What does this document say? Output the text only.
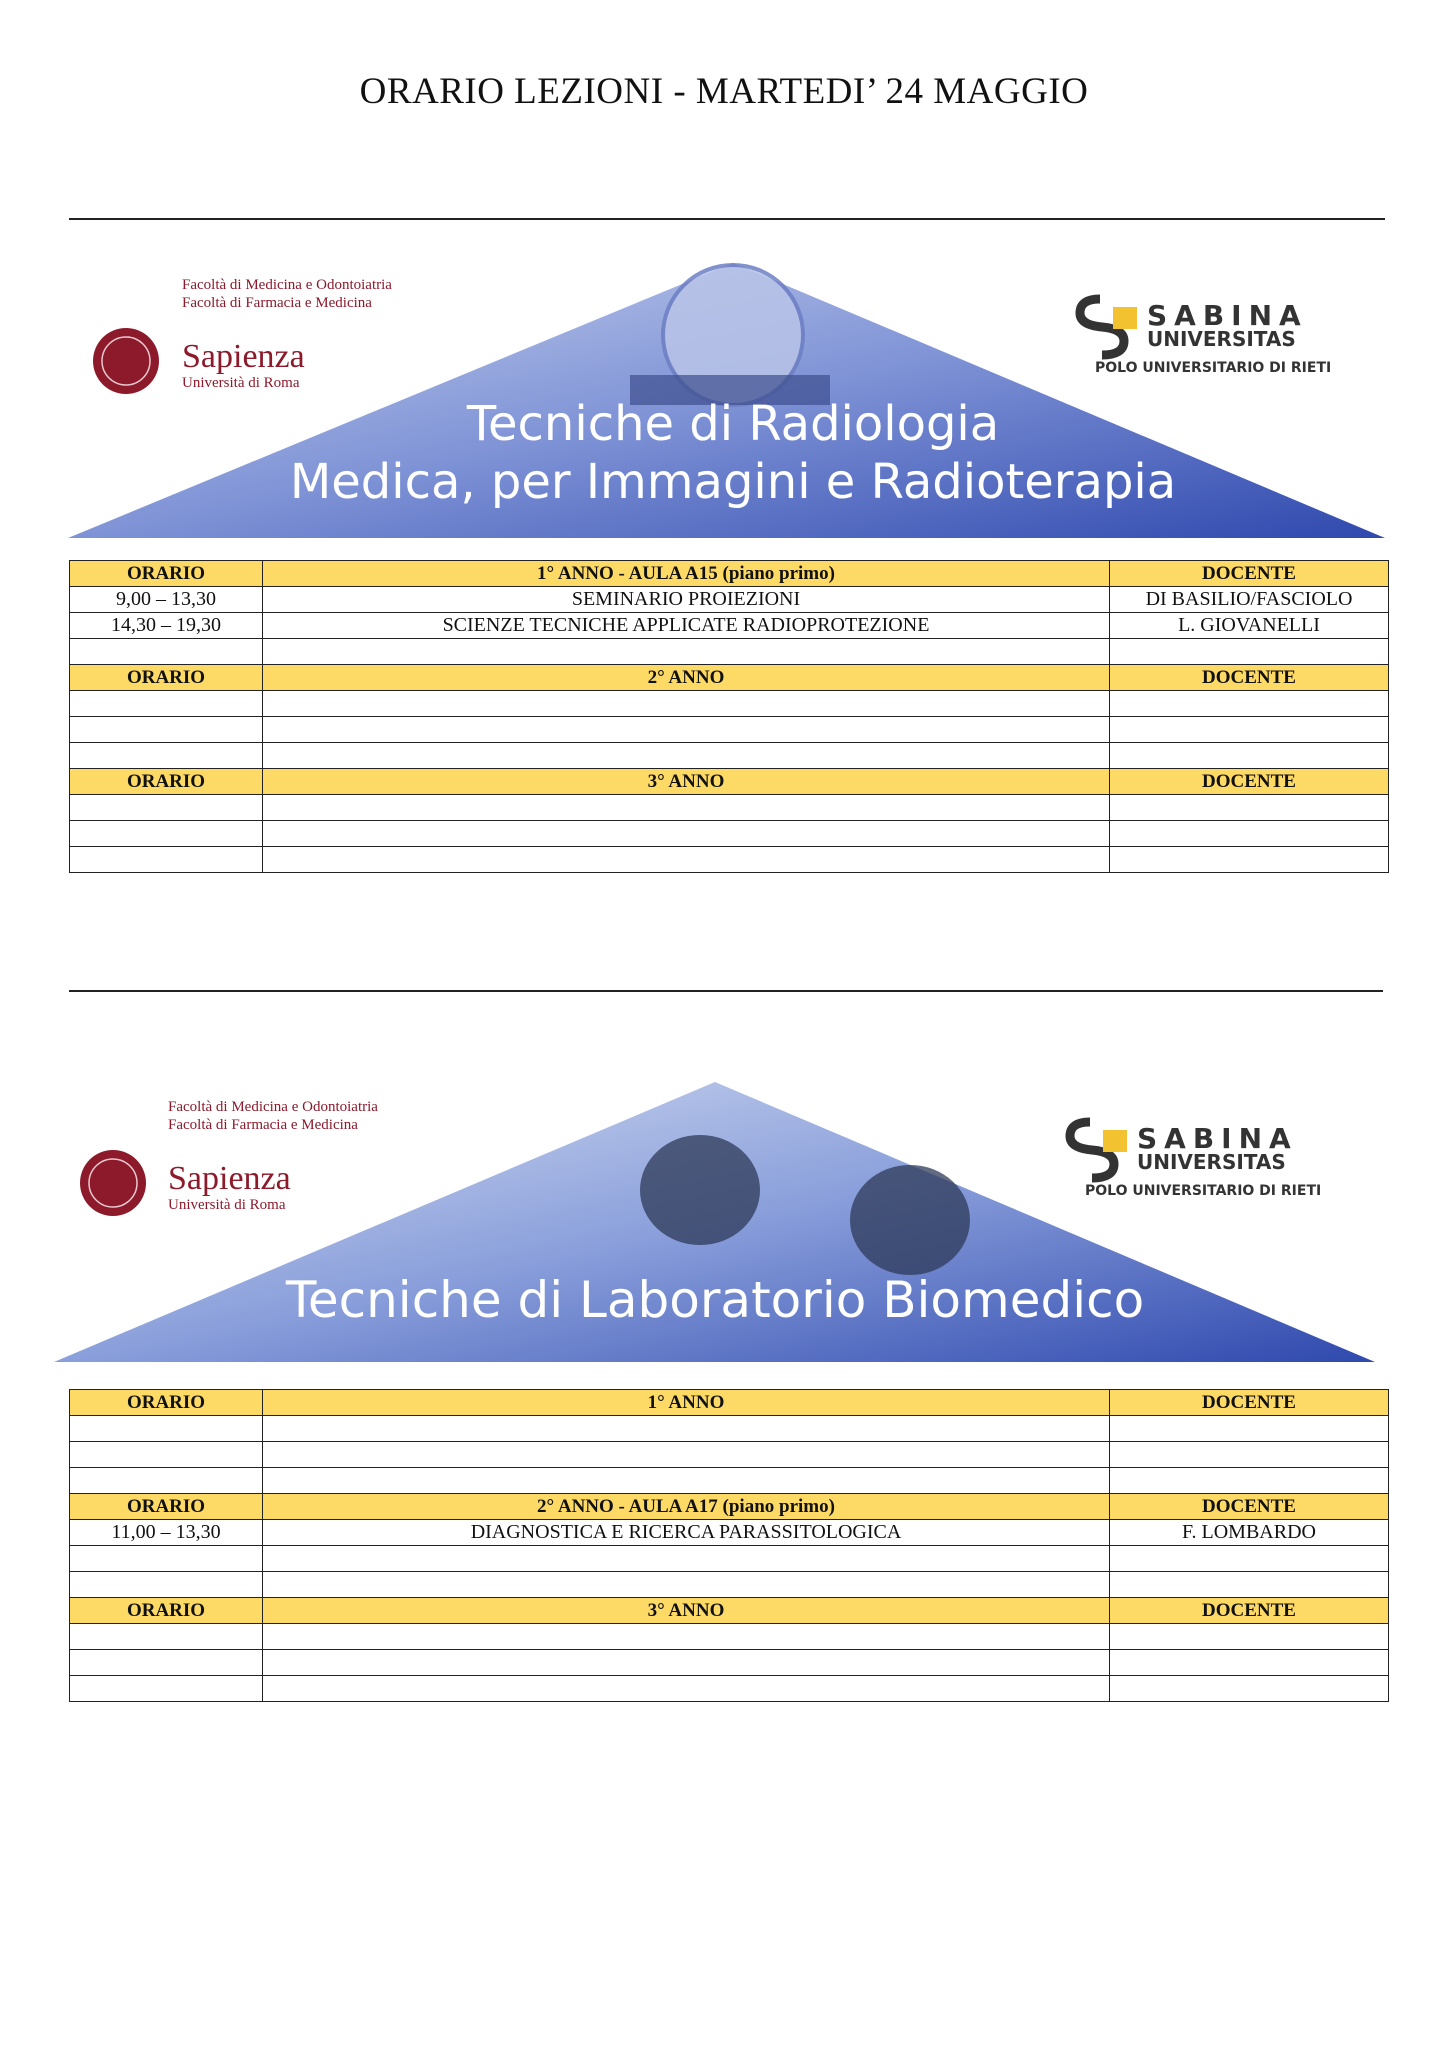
ORARIO LEZIONI - MARTEDI’ 24 MAGGIO
Tecniche di Radiologia
Medica, per Immagini e Radioterapia
Facoltà di Medicina e Odontoiatria
Facoltà di Farmacia e Medicina
Sapienza
Università di Roma
SABINA
UNIVERSITAS
POLO UNIVERSITARIO DI RIETI
ORARIO	1° ANNO - AULA A15 (piano primo)	DOCENTE
9,00 – 13,30	SEMINARIO PROIEZIONI	DI BASILIO/FASCIOLO
14,30 – 19,30	SCIENZE TECNICHE APPLICATE RADIOPROTEZIONE	L. GIOVANELLI

ORARIO	2° ANNO	DOCENTE

ORARIO	3° ANNO	DOCENTE

Tecniche di Laboratorio Biomedico
Facoltà di Medicina e Odontoiatria
Facoltà di Farmacia e Medicina
Sapienza
Università di Roma
SABINA
UNIVERSITAS
POLO UNIVERSITARIO DI RIETI
ORARIO	1° ANNO	DOCENTE

ORARIO	2° ANNO - AULA A17 (piano primo)	DOCENTE
11,00 – 13,30	DIAGNOSTICA E RICERCA PARASSITOLOGICA	F. LOMBARDO

ORARIO	3° ANNO	DOCENTE
